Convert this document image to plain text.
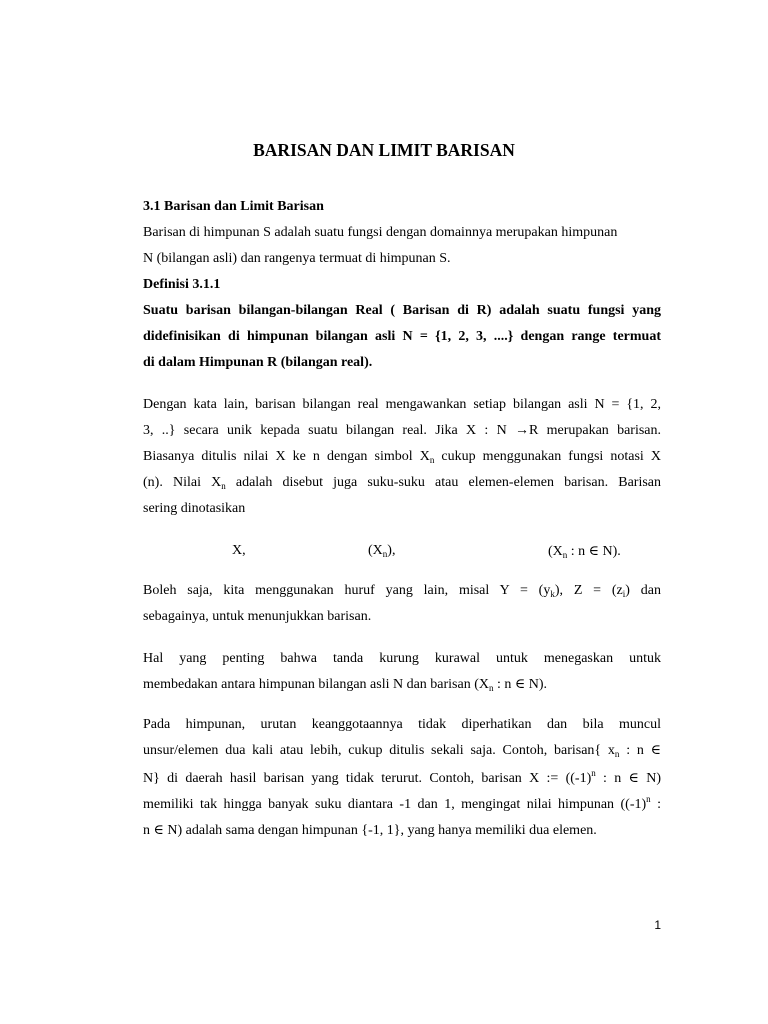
BARISAN DAN LIMIT BARISAN
3.1 Barisan dan Limit Barisan
Barisan di himpunan S adalah suatu fungsi dengan domainnya merupakan himpunan
N (bilangan asli) dan rangenya termuat di himpunan S.
Definisi 3.1.1
Suatu barisan bilangan-bilangan Real ( Barisan di R) adalah suatu fungsi yang
didefinisikan di himpunan bilangan asli N = {1, 2, 3, ....} dengan range termuat
di dalam Himpunan R (bilangan real).
Dengan kata lain, barisan bilangan real mengawankan setiap bilangan asli N = {1, 2,
3, ..} secara unik kepada suatu bilangan real. Jika X : N →R merupakan barisan.
Biasanya ditulis nilai X ke n dengan simbol $X_n$ cukup menggunakan fungsi notasi X
(n). Nilai $X_n$ adalah disebut juga suku-suku atau elemen-elemen barisan. Barisan
sering dinotasikan
X,	$(X_n)$,	($X_n$ : n ∈ N).
Boleh saja, kita menggunakan huruf yang lain, misal $Y = (y_k)$, $Z = (z_i)$ dan
sebagainya, untuk menunjukkan barisan.
Hal yang penting bahwa tanda kurung kurawal untuk menegaskan untuk
membedakan antara himpunan bilangan asli N dan barisan ($X_n$ : n ∈ N).
Pada himpunan, urutan keanggotaannya tidak diperhatikan dan bila muncul
unsur/elemen dua kali atau lebih, cukup ditulis sekali saja. Contoh, barisan{ $x_n$ : n ∈
N} di daerah hasil barisan yang tidak terurut. Contoh, barisan X := ($(-1)^n$ : n ∈ N)
memiliki tak hingga banyak suku diantara -1 dan 1, mengingat nilai himpunan ($(-1)^n$ :
n ∈ N) adalah sama dengan himpunan {-1, 1}, yang hanya memiliki dua elemen.
1
